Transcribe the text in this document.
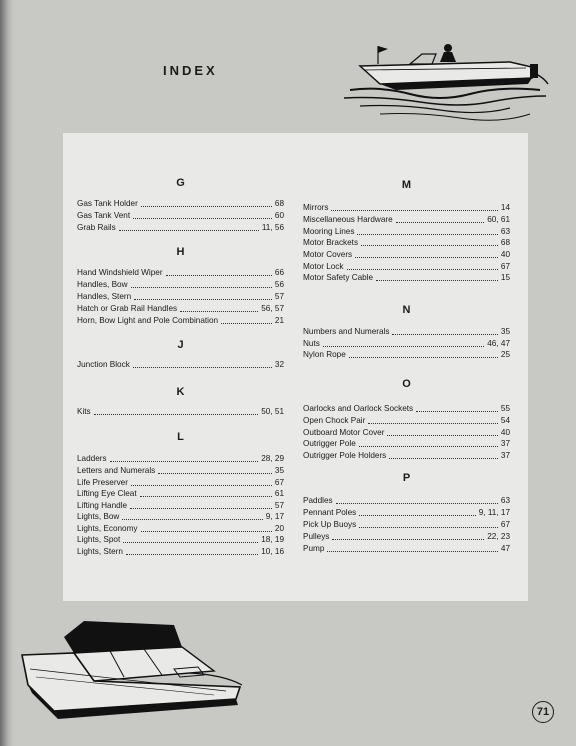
INDEX
G
Gas Tank Holder	68
Gas Tank Vent	60
Grab Rails	11, 56
H
Hand Windshield Wiper	66
Handles, Bow	56
Handles, Stern	57
Hatch or Grab Rail Handles	56, 57
Horn, Bow Light and Pole Combination	21
J
Junction Block	32
K
Kits	50, 51
L
Ladders	28, 29
Letters and Numerals	35
Life Preserver	67
Lifting Eye Cleat	61
Lifting Handle	57
Lights, Bow	9, 17
Lights, Economy	20
Lights, Spot	18, 19
Lights, Stern	10, 16
M
Mirrors	14
Miscellaneous Hardware	60, 61
Mooring Lines	63
Motor Brackets	68
Motor Covers	40
Motor Lock	67
Motor Safety Cable	15
N
Numbers and Numerals	35
Nuts	46, 47
Nylon Rope	25
O
Oarlocks and Oarlock Sockets	55
Open Chock Pair	54
Outboard Motor Cover	40
Outrigger Pole	37
Outrigger Pole Holders	37
P
Paddles	63
Pennant Poles	9, 11, 17
Pick Up Buoys	67
Pulleys	22, 23
Pump	47
71
